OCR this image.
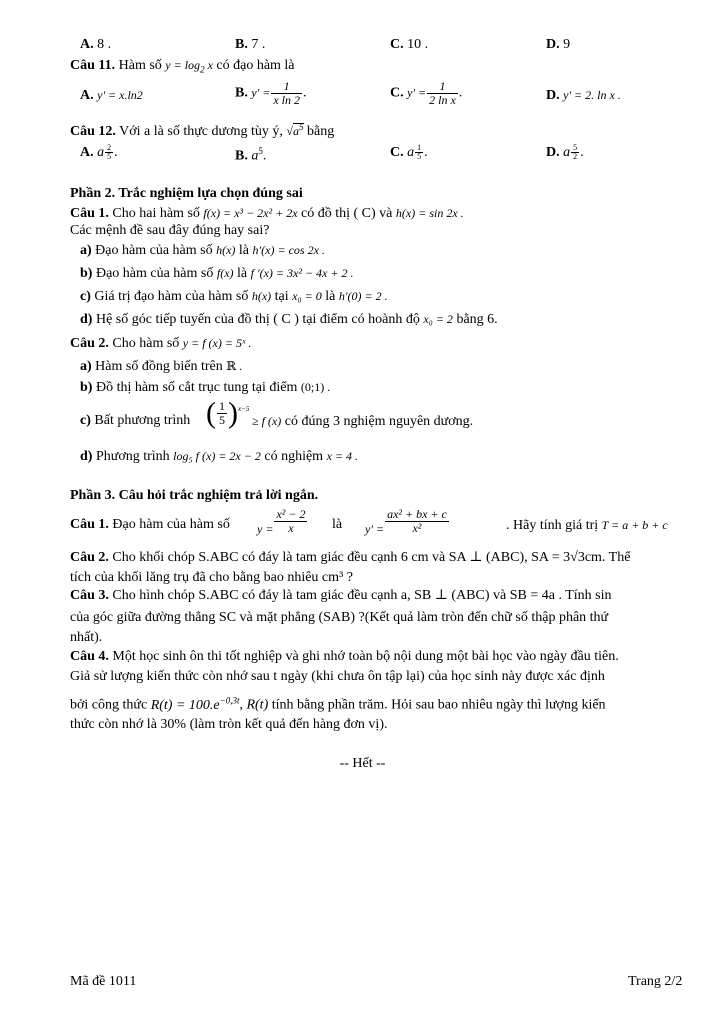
A. 8 .	B. 7 .	C. 10 .	D. 9
Câu 11. Hàm số $y = \log_2 x$ có đạo hàm là
A. y' = x.ln2	B. $y' = \frac{1}{\text{x ln 2}}$ .	C. $y' = \frac{1}{\text{2 ln x}}$ .	D. y' = 2. ln x .
Câu 12. Với a là số thực dương tùy ý, $√a^5$ bằng
A. a $\frac{2}{5}$ .	B. $a^5$.	C. a $\frac{1}{5}$ .	D. a $\frac{5}{2}$ .
Phần 2. Trắc nghiệm lựa chọn đúng sai
Câu 1. Cho hai hàm số f(x) = x³ − 2x² + 2x có đồ thị ( C) và h(x) = sin 2x .
Các mệnh đề sau đây đúng hay sai?
a) Đạo hàm của hàm số h(x) là h′(x) = cos 2x .
b) Đạo hàm của hàm số f(x) là f ′(x) = 3x² − 4x + 2 .
c) Giá trị đạo hàm của hàm số h(x) tại x₀ = 0 là h′(0) = 2 .
d) Hệ số góc tiếp tuyến của đồ thị ( C ) tại điểm có hoành độ x₀ = 2 bằng 6.
Câu 2. Cho hàm số y = f (x) = 5ˣ .
a) Hàm số đồng biến trên ℝ .
b) Đồ thị hàm số cắt trục tung tại điểm (0;1) .
c) Bất phương trình ( $\frac{1}{5} )^{x-5}$
≥ f (x) có đúng 3 nghiệm nguyên dương.
d) Phương trình log₅ f (x) = 2x − 2 có nghiệm x = 4 .
Phần 3. Câu hỏi trắc nghiệm trả lời ngắn.
Câu 1. Đạo hàm của hàm số $y = \frac{\text{x² − 2}}{x}$ là $y' = \frac{\text{ax² + bx + c}}{\text{x²}}$	. Hãy tính giá trị T = a + b + c
Câu 2. Cho khối chóp S.ABC có đáy là tam giác đều cạnh 6 cm và SA ⊥ (ABC), SA = 3√3cm. Thể
tích của khối lăng trụ đã cho bằng bao nhiêu cm³ ?
Câu 3. Cho hình chóp S.ABC có đáy là tam giác đều cạnh a, SB ⊥ (ABC) và SB = 4a . Tính sin
của góc giữa đường thẳng SC và mặt phẳng (SAB) ?(Kết quả làm tròn đến chữ số thập phân thứ
nhất).
Câu 4. Một học sinh ôn thi tốt nghiệp và ghi nhớ toàn bộ nội dung một bài học vào ngày đầu tiên.
Giả sử lượng kiến thức còn nhớ sau t ngày (khi chưa ôn tập lại) của học sinh này được xác định
bởi công thức $R(t) = 100.e^{-0,3t}$, R(t) tính bằng phần trăm. Hỏi sau bao nhiêu ngày thì lượng kiến
thức còn nhớ là 30% (làm tròn kết quả đến hàng đơn vị).
-- Hết --
Mã đề 1011	Trang 2/2
